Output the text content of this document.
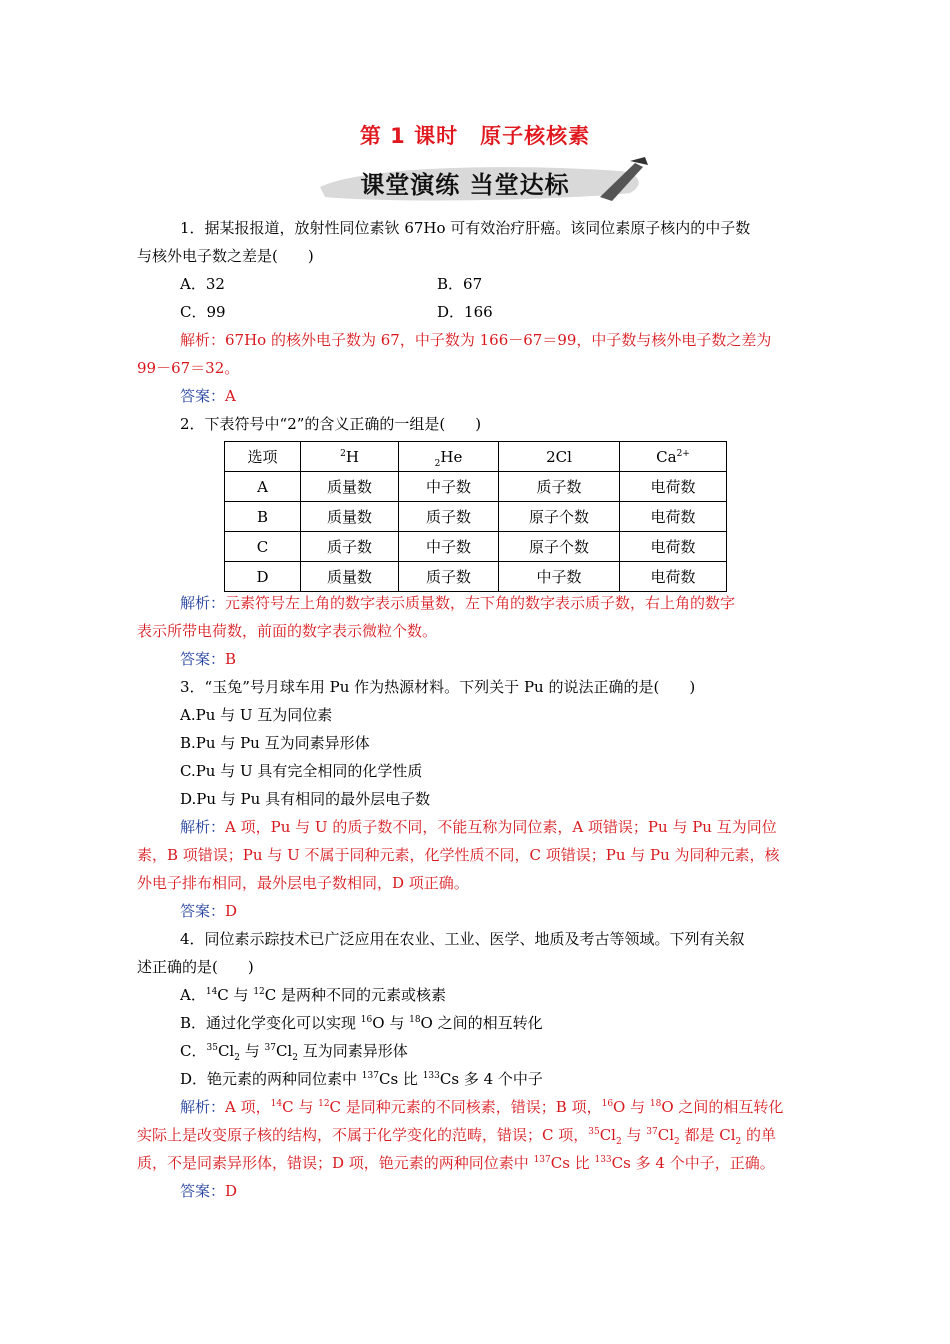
第 1 课时　原子核核素
课堂演练 当堂达标
1．据某报报道，放射性同位素钬 67Ho 可有效治疗肝癌。该同位素原子核内的中子数
与核外电子数之差是(　　)
A．32	B．67
C．99	D．166
解析：67Ho 的核外电子数为 67，中子数为 166－67＝99，中子数与核外电子数之差为
99－67＝32。
答案：A
2．下表符号中“2”的含义正确的一组是(　　)
选项	$^2$H	$_2$He	2Cl	$Ca^{2+}$
A	质量数	中子数	质子数	电荷数
B	质量数	质子数	原子个数	电荷数
C	质子数	中子数	原子个数	电荷数
D	质量数	质子数	中子数	电荷数
解析：元素符号左上角的数字表示质量数，左下角的数字表示质子数，右上角的数字
表示所带电荷数，前面的数字表示微粒个数。
答案：B
3．“玉兔”号月球车用 Pu 作为热源材料。下列关于 Pu 的说法正确的是(　　)
A.Pu 与 U 互为同位素
B.Pu 与 Pu 互为同素异形体
C.Pu 与 U 具有完全相同的化学性质
D.Pu 与 Pu 具有相同的最外层电子数
解析：A 项，Pu 与 U 的质子数不同，不能互称为同位素，A 项错误；Pu 与 Pu 互为同位
素，B 项错误；Pu 与 U 不属于同种元素，化学性质不同，C 项错误；Pu 与 Pu 为同种元素，核
外电子排布相同，最外层电子数相同，D 项正确。
答案：D
4．同位素示踪技术已广泛应用在农业、工业、医学、地质及考古等领域。下列有关叙
述正确的是(　　)
A．$^{14}$C 与 $^{12}$C 是两种不同的元素或核素
B．通过化学变化可以实现 $^{16}$O 与 $^{18}$O 之间的相互转化
C．$^{35}Cl_2$ 与 $^{37}Cl_2$ 互为同素异形体
D．铯元素的两种同位素中 $^{137}$Cs 比 $^{133}$Cs 多 4 个中子
解析：A 项，$^{14}$C 与 $^{12}$C 是同种元素的不同核素，错误；B 项，$^{16}$O 与 $^{18}$O 之间的相互转化
实际上是改变原子核的结构，不属于化学变化的范畴，错误；C 项，$^{35}Cl_2$ 与 $^{37}Cl_2$ 都是 $Cl_2$ 的单
质，不是同素异形体，错误；D 项，铯元素的两种同位素中 $^{137}$Cs 比 $^{133}$Cs 多 4 个中子，正确。
答案：D
